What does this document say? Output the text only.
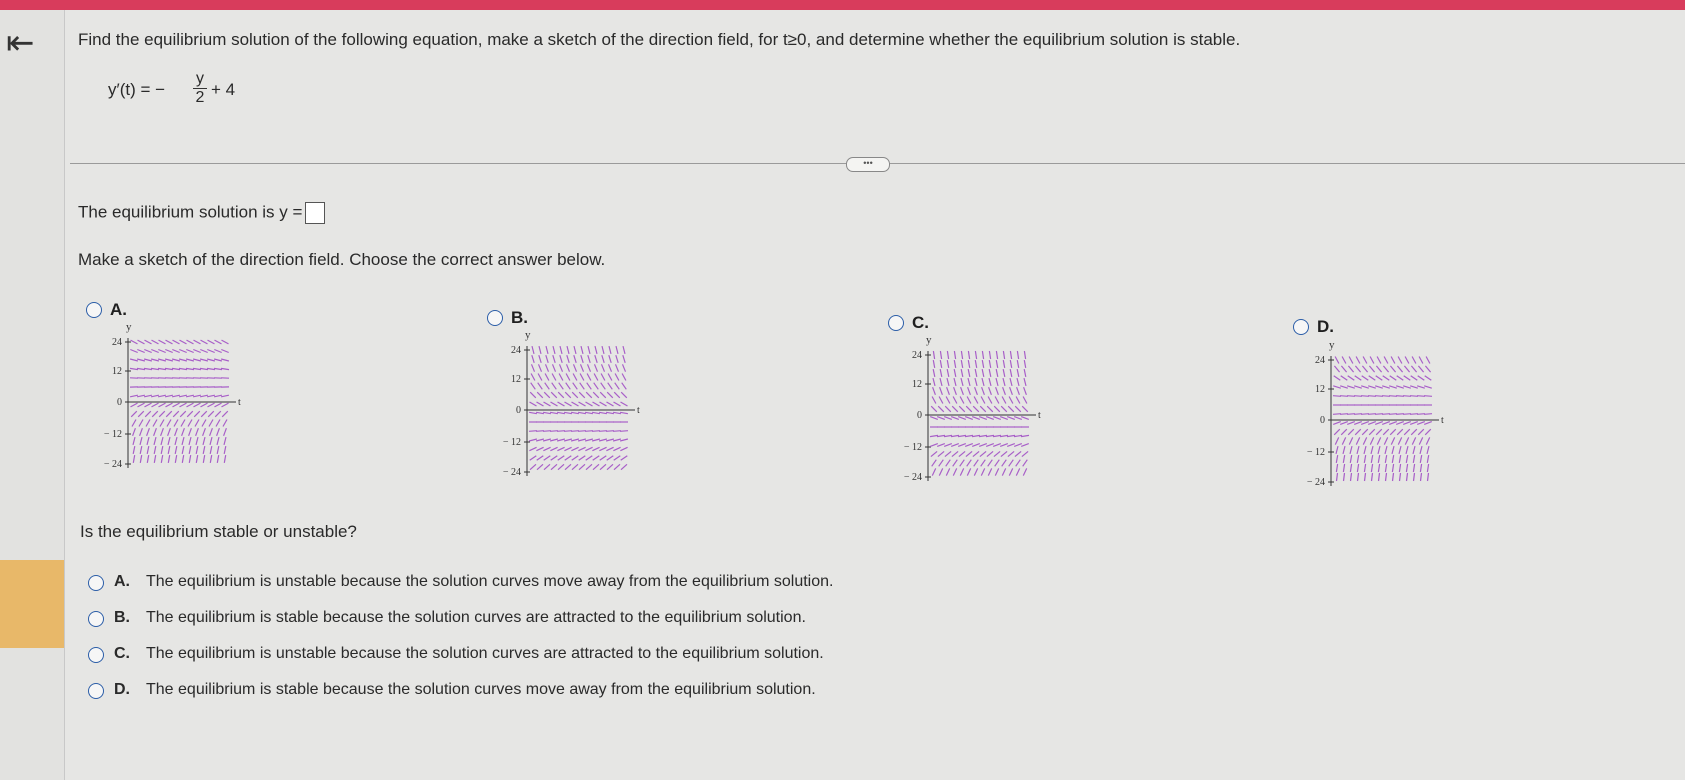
⇤	Find the equilibrium solution of the following equation, make a sketch of the direction field, for t≥0, and determine whether the equilibrium solution is stable.
y′(t) = −
y
2 + 4
•••
The equilibrium solution is y =
Make a sketch of the direction field. Choose the correct answer below.
A.
y
24
12
0
− 12
− 24
t
B.
y
24
12
0
− 12
− 24
t
C.
y
24
12
0
− 12
− 24
t
D.
y
24
12
0
− 12
− 24
t
Is the equilibrium stable or unstable?
A. The equilibrium is unstable because the solution curves move away from the equilibrium solution.
B. The equilibrium is stable because the solution curves are attracted to the equilibrium solution.
C. The equilibrium is unstable because the solution curves are attracted to the equilibrium solution.
D. The equilibrium is stable because the solution curves move away from the equilibrium solution.
